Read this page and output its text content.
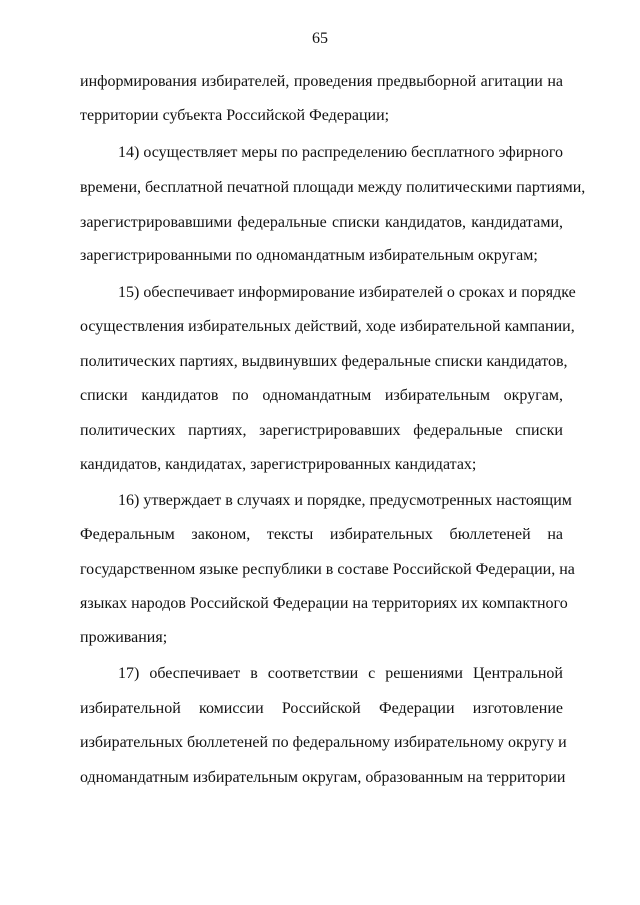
65
информирования избирателей, проведения предвыборной агитации на
территории субъекта Российской Федерации;
14) осуществляет меры по распределению бесплатного эфирного
времени, бесплатной печатной площади между политическими партиями,
зарегистрировавшими федеральные списки кандидатов, кандидатами,
зарегистрированными по одномандатным избирательным округам;
15) обеспечивает информирование избирателей о сроках и порядке
осуществления избирательных действий, ходе избирательной кампании,
политических партиях, выдвинувших федеральные списки кандидатов,
списки кандидатов по одномандатным избирательным округам,
политических партиях, зарегистрировавших федеральные списки
кандидатов, кандидатах, зарегистрированных кандидатах;
16) утверждает в случаях и порядке, предусмотренных настоящим
Федеральным законом, тексты избирательных бюллетеней на
государственном языке республики в составе Российской Федерации, на
языках народов Российской Федерации на территориях их компактного
проживания;
17) обеспечивает в соответствии с решениями Центральной
избирательной комиссии Российской Федерации изготовление
избирательных бюллетеней по федеральному избирательному округу и
одномандатным избирательным округам, образованным на территории
